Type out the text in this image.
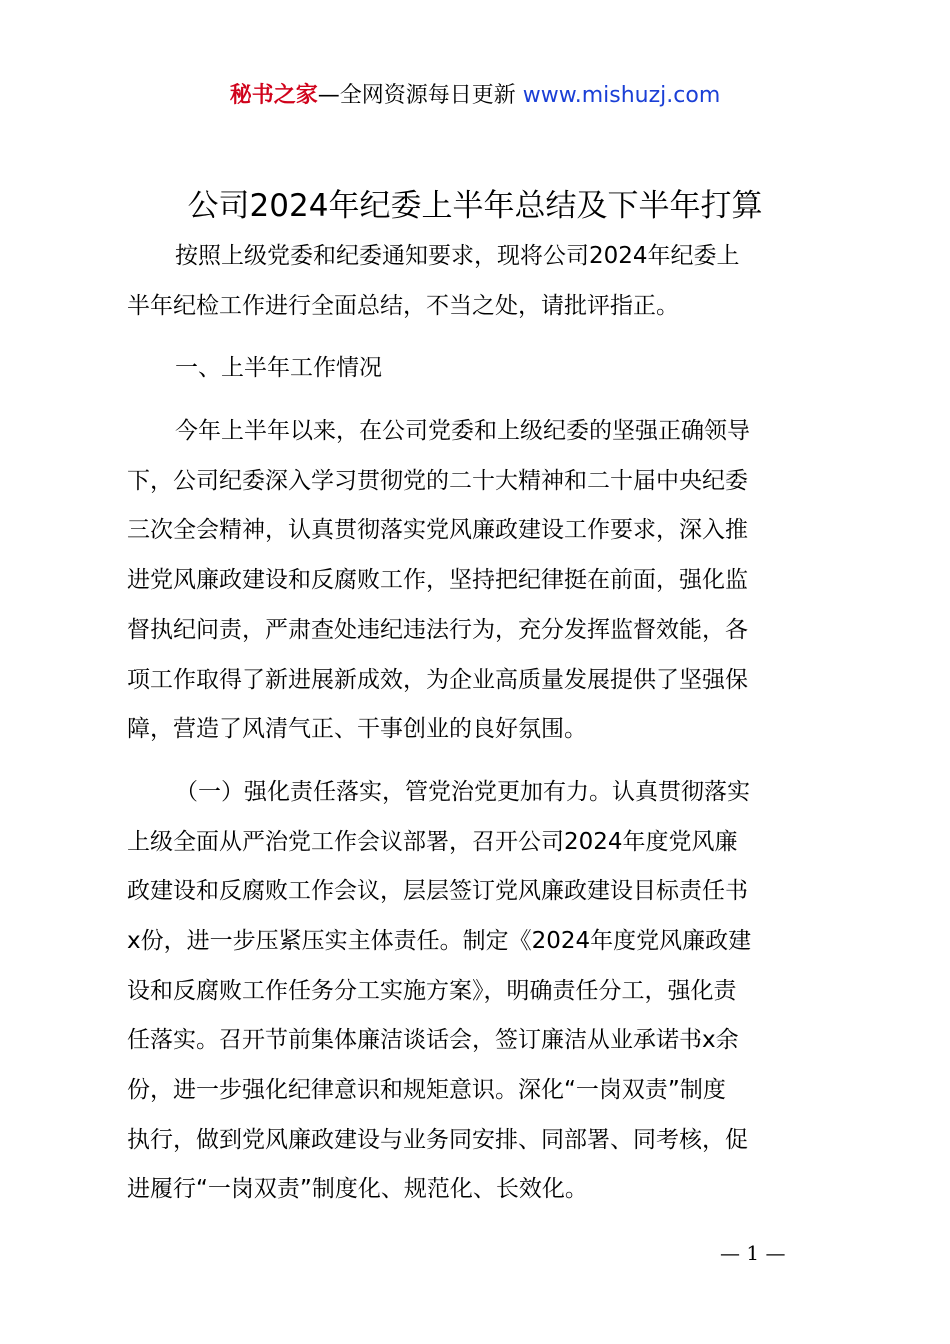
秘书之家—全网资源每日更新 www.mishuzj.com
公司2024年纪委上半年总结及下半年打算
按照上级党委和纪委通知要求，现将公司2024年纪委上
半年纪检工作进行全面总结，不当之处，请批评指正。
一、上半年工作情况
今年上半年以来，在公司党委和上级纪委的坚强正确领导
下，公司纪委深入学习贯彻党的二十大精神和二十届中央纪委
三次全会精神，认真贯彻落实党风廉政建设工作要求，深入推
进党风廉政建设和反腐败工作，坚持把纪律挺在前面，强化监
督执纪问责，严肃查处违纪违法行为，充分发挥监督效能，各
项工作取得了新进展新成效，为企业高质量发展提供了坚强保
障，营造了风清气正、干事创业的良好氛围。
（一）强化责任落实，管党治党更加有力。认真贯彻落实
上级全面从严治党工作会议部署，召开公司2024年度党风廉
政建设和反腐败工作会议，层层签订党风廉政建设目标责任书
x份，进一步压紧压实主体责任。制定《2024年度党风廉政建
设和反腐败工作任务分工实施方案》，明确责任分工，强化责
任落实。召开节前集体廉洁谈话会，签订廉洁从业承诺书x余
份，进一步强化纪律意识和规矩意识。深化“一岗双责”制度
执行，做到党风廉政建设与业务同安排、同部署、同考核，促
进履行“一岗双责”制度化、规范化、长效化。
— 1 —
